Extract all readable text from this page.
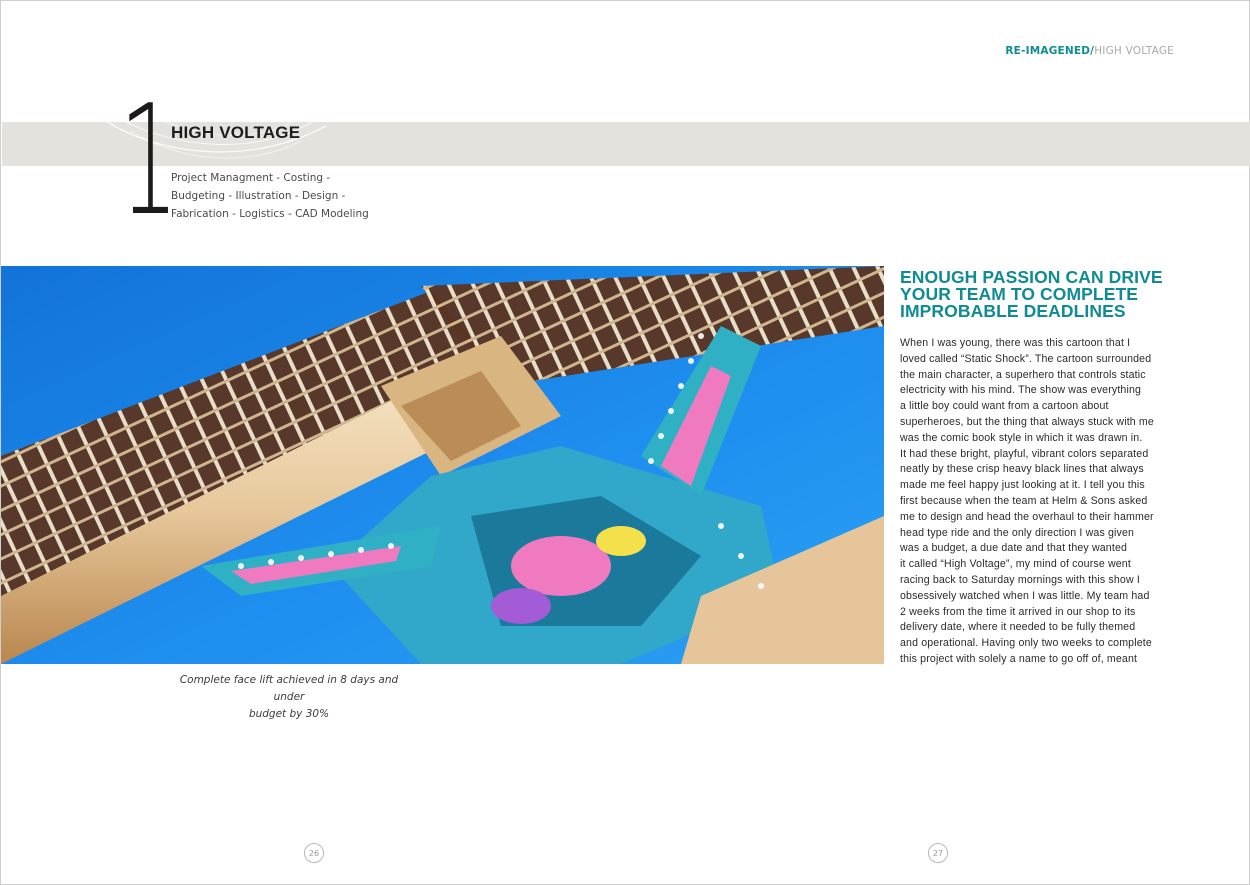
RE-IMAGENED/HIGH VOLTAGE
1
HIGH VOLTAGE
Project Managment - Costing -
Budgeting - Illustration - Design -
Fabrication - Logistics - CAD Modeling
Complete face lift achieved in 8 days and under
budget by 30%
ENOUGH PASSION CAN DRIVE
YOUR TEAM TO COMPLETE
IMPROBABLE DEADLINES
When I was young, there was this cartoon that I
loved called “Static Shock”. The cartoon surrounded
the main character, a superhero that controls static
electricity with his mind. The show was everything
a little boy could want from a cartoon about
superheroes, but the thing that always stuck with me
was the comic book style in which it was drawn in.
It had these bright, playful, vibrant colors separated
neatly by these crisp heavy black lines that always
made me feel happy just looking at it. I tell you this
first because when the team at Helm & Sons asked
me to design and head the overhaul to their hammer
head type ride and the only direction I was given
was a budget, a due date and that they wanted
it called “High Voltage”, my mind of course went
racing back to Saturday mornings with this show I
obsessively watched when I was little. My team had
2 weeks from the time it arrived in our shop to its
delivery date, where it needed to be fully themed
and operational. Having only two weeks to complete
this project with solely a name to go off of, meant
26	27
